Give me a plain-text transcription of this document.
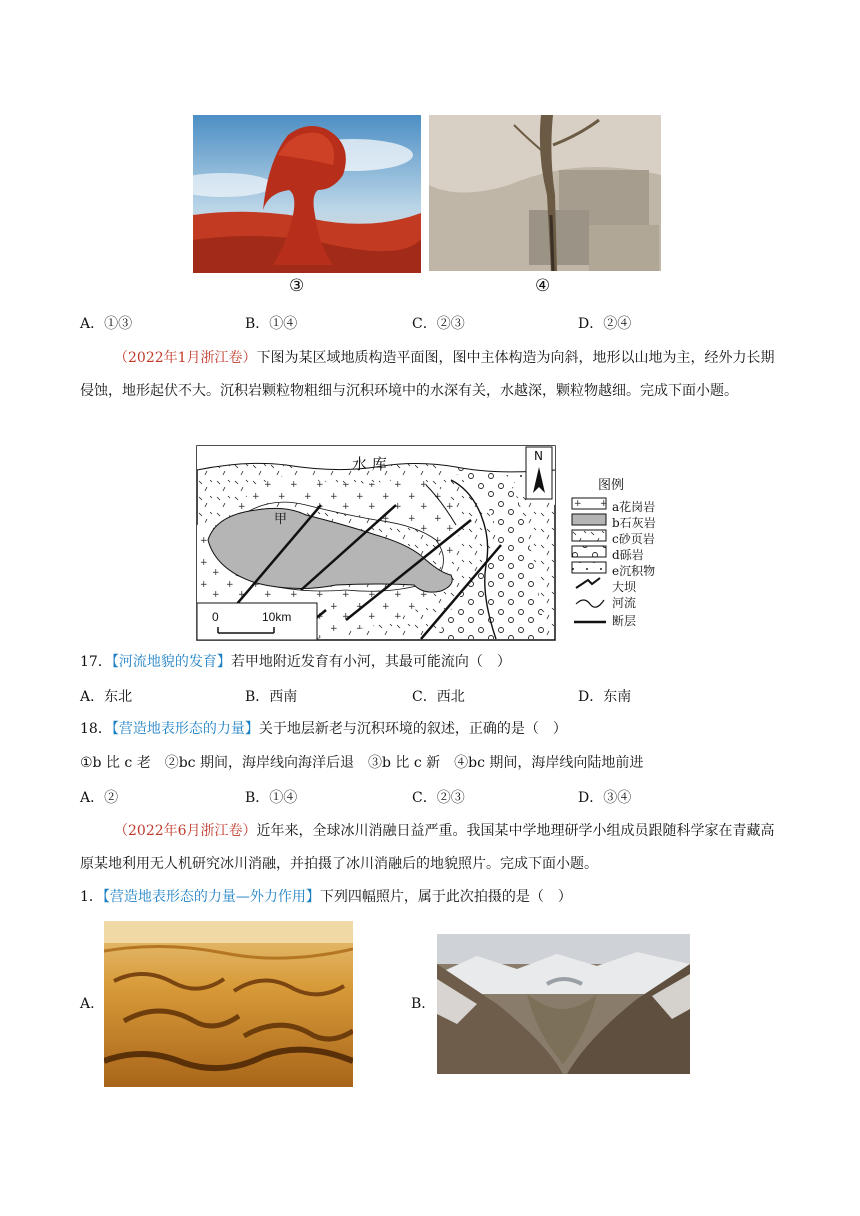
③	④
A．①③	B．①④	C．②③	D．②④
（2022年1月浙江卷）下图为某区域地质构造平面图，图中主体构造为向斜，地形以山地为主，经外力长期侵蚀，地形起伏不大。沉积岩颗粒物粗细与沉积环境中的水深有关，水越深，颗粒物越细。完成下面小题。
水 库
甲
N
0	10km
图例
a花岗岩
b石灰岩
c砂页岩
d砾岩
e沉积物
大坝
河流
断层
17．【河流地貌的发育】若甲地附近发育有小河，其最可能流向（　）
A．东北	B．西南	C．西北	D．东南
18．【营造地表形态的力量】关于地层新老与沉积环境的叙述，正确的是（　）
①b 比 c 老　②bc 期间，海岸线向海洋后退　③b 比 c 新　④bc 期间，海岸线向陆地前进
A．②	B．①④	C．②③	D．③④
（2022年6月浙江卷）近年来，全球冰川消融日益严重。我国某中学地理研学小组成员跟随科学家在青藏高原某地利用无人机研究冰川消融，并拍摄了冰川消融后的地貌照片。完成下面小题。
1．【营造地表形态的力量—外力作用】下列四幅照片，属于此次拍摄的是（　）
A.	B.
